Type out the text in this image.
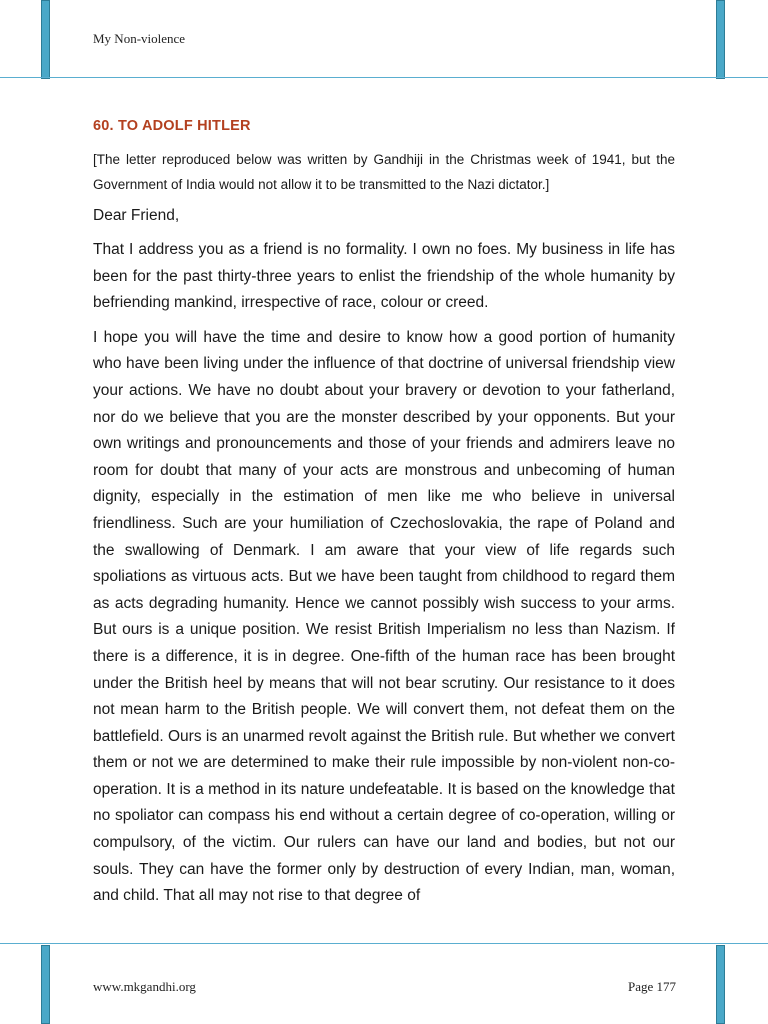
My Non-violence
60. TO ADOLF HITLER

[The letter reproduced below was written by Gandhiji in the Christmas week of 1941, but the Government of India would not allow it to be transmitted to the Nazi dictator.]

Dear Friend,

That I address you as a friend is no formality. I own no foes. My business in life has been for the past thirty-three years to enlist the friendship of the whole humanity by befriending mankind, irrespective of race, colour or creed.

I hope you will have the time and desire to know how a good portion of humanity who have been living under the influence of that doctrine of universal friendship view your actions. We have no doubt about your bravery or devotion to your fatherland, nor do we believe that you are the monster described by your opponents. But your own writings and pronouncements and those of your friends and admirers leave no room for doubt that many of your acts are monstrous and unbecoming of human dignity, especially in the estimation of men like me who believe in universal friendliness. Such are your humiliation of Czechoslovakia, the rape of Poland and the swallowing of Denmark. I am aware that your view of life regards such spoliations as virtuous acts. But we have been taught from childhood to regard them as acts degrading humanity. Hence we cannot possibly wish success to your arms. But ours is a unique position. We resist British Imperialism no less than Nazism. If there is a difference, it is in degree. One-fifth of the human race has been brought under the British heel by means that will not bear scrutiny. Our resistance to it does not mean harm to the British people. We will convert them, not defeat them on the battlefield. Ours is an unarmed revolt against the British rule. But whether we convert them or not we are determined to make their rule impossible by non-violent non-co-operation. It is a method in its nature undefeatable. It is based on the knowledge that no spoliator can compass his end without a certain degree of co-operation, willing or compulsory, of the victim. Our rulers can have our land and bodies, but not our souls. They can have the former only by destruction of every Indian, man, woman, and child. That all may not rise to that degree of

www.mkgandhi.org	Page 177
